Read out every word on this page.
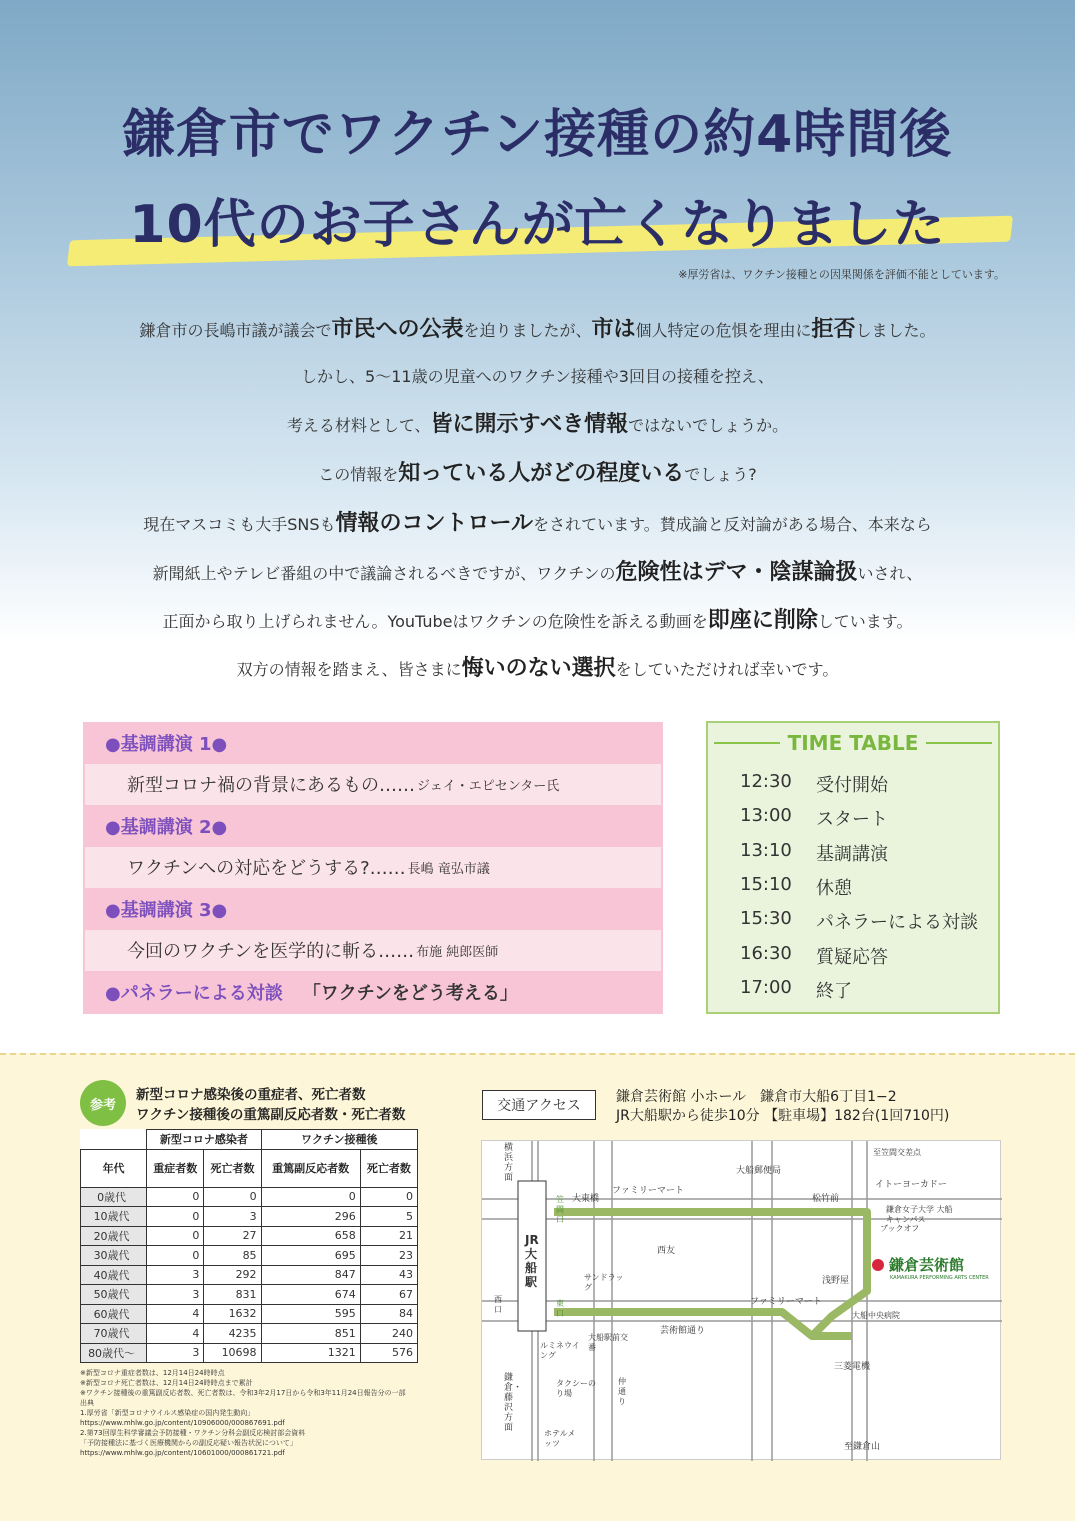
鎌倉市でワクチン接種の約4時間後
10代のお子さんが亡くなりました
※厚労省は、ワクチン接種との因果関係を評価不能としています。
鎌倉市の長嶋市議が議会で市民への公表を迫りましたが、市は個人特定の危惧を理由に拒否しました。
しかし、5～11歳の児童へのワクチン接種や3回目の接種を控え、
考える材料として、皆に開示すべき情報ではないでしょうか。
この情報を知っている人がどの程度いるでしょう?
現在マスコミも大手SNSも情報のコントロールをされています。賛成論と反対論がある場合、本来なら
新聞紙上やテレビ番組の中で議論されるべきですが、ワクチンの危険性はデマ・陰謀論扱いされ、
正面から取り上げられません。YouTubeはワクチンの危険性を訴える動画を即座に削除しています。
双方の情報を踏まえ、皆さまに悔いのない選択をしていただければ幸いです。
●基調講演 1●
新型コロナ禍の背景にあるもの…… ジェイ・エピセンター氏
●基調講演 2●
ワクチンへの対応をどうする?…… 長嶋 竜弘市議
●基調講演 3●
今回のワクチンを医学的に斬る…… 布施 純郎医師
●パネラーによる対談 「ワクチンをどう考える」
TIME TABLE
12:30	受付開始
13:00	スタート
13:10	基調講演
15:10	休憩
15:30	パネラーによる対談
16:30	質疑応答
17:00	終了
参考
新型コロナ感染後の重症者、死亡者数
ワクチン接種後の重篤副反応者数・死亡者数
	新型コロナ感染者		ワクチン接種後	
年代	重症者数	死亡者数	重篤副反応者数	死亡者数
0歳代	0	0	0	0
10歳代	0	3	296	5
20歳代	0	27	658	21
30歳代	0	85	695	23
40歳代	3	292	847	43
50歳代	3	831	674	67
60歳代	4	1632	595	84
70歳代	4	4235	851	240
80歳代～	3	10698	1321	576
※新型コロナ重症者数は、12月14日24時時点
※新型コロナ死亡者数は、12月14日24時時点まで累計
※ワクチン接種後の重篤副反応者数、死亡者数は、令和3年2月17日から令和3年11月24日報告分の一部
出典
1.厚労省「新型コロナウイルス感染症の国内発生動向」
https://www.mhlw.go.jp/content/10906000/000867691.pdf
2.第73回厚生科学審議会予防接種・ワクチン分科会副反応検討部会資料
「予防接種法に基づく医療機関からの副反応疑い報告状況について」
https://www.mhlw.go.jp/content/10601000/000861721.pdf
交通アクセス
鎌倉芸術館 小ホール　鎌倉市大船6丁目1−2
JR大船駅から徒歩10分 【駐車場】182台(1回710円)
鎌倉芸術館
KAMAKURA PERFORMING ARTS CENTER
JR大船駅
横浜方面
鎌倉・藤沢方面
ファミリーマート
ファミリーマート
大船郵便局
イトーヨーカドー
鎌倉女子大学 大船キャンパス
ブックオフ
浅野屋
大船中央病院
三菱電機
至鎌倉山
至笠間交差点
松竹前
大東橋
西友
サンドラッグ
芸術館通り
大船駅前交番
ルミネウイング
タクシーのり場
ホテルメッツ
仲通り
西口
東口
笠間口
